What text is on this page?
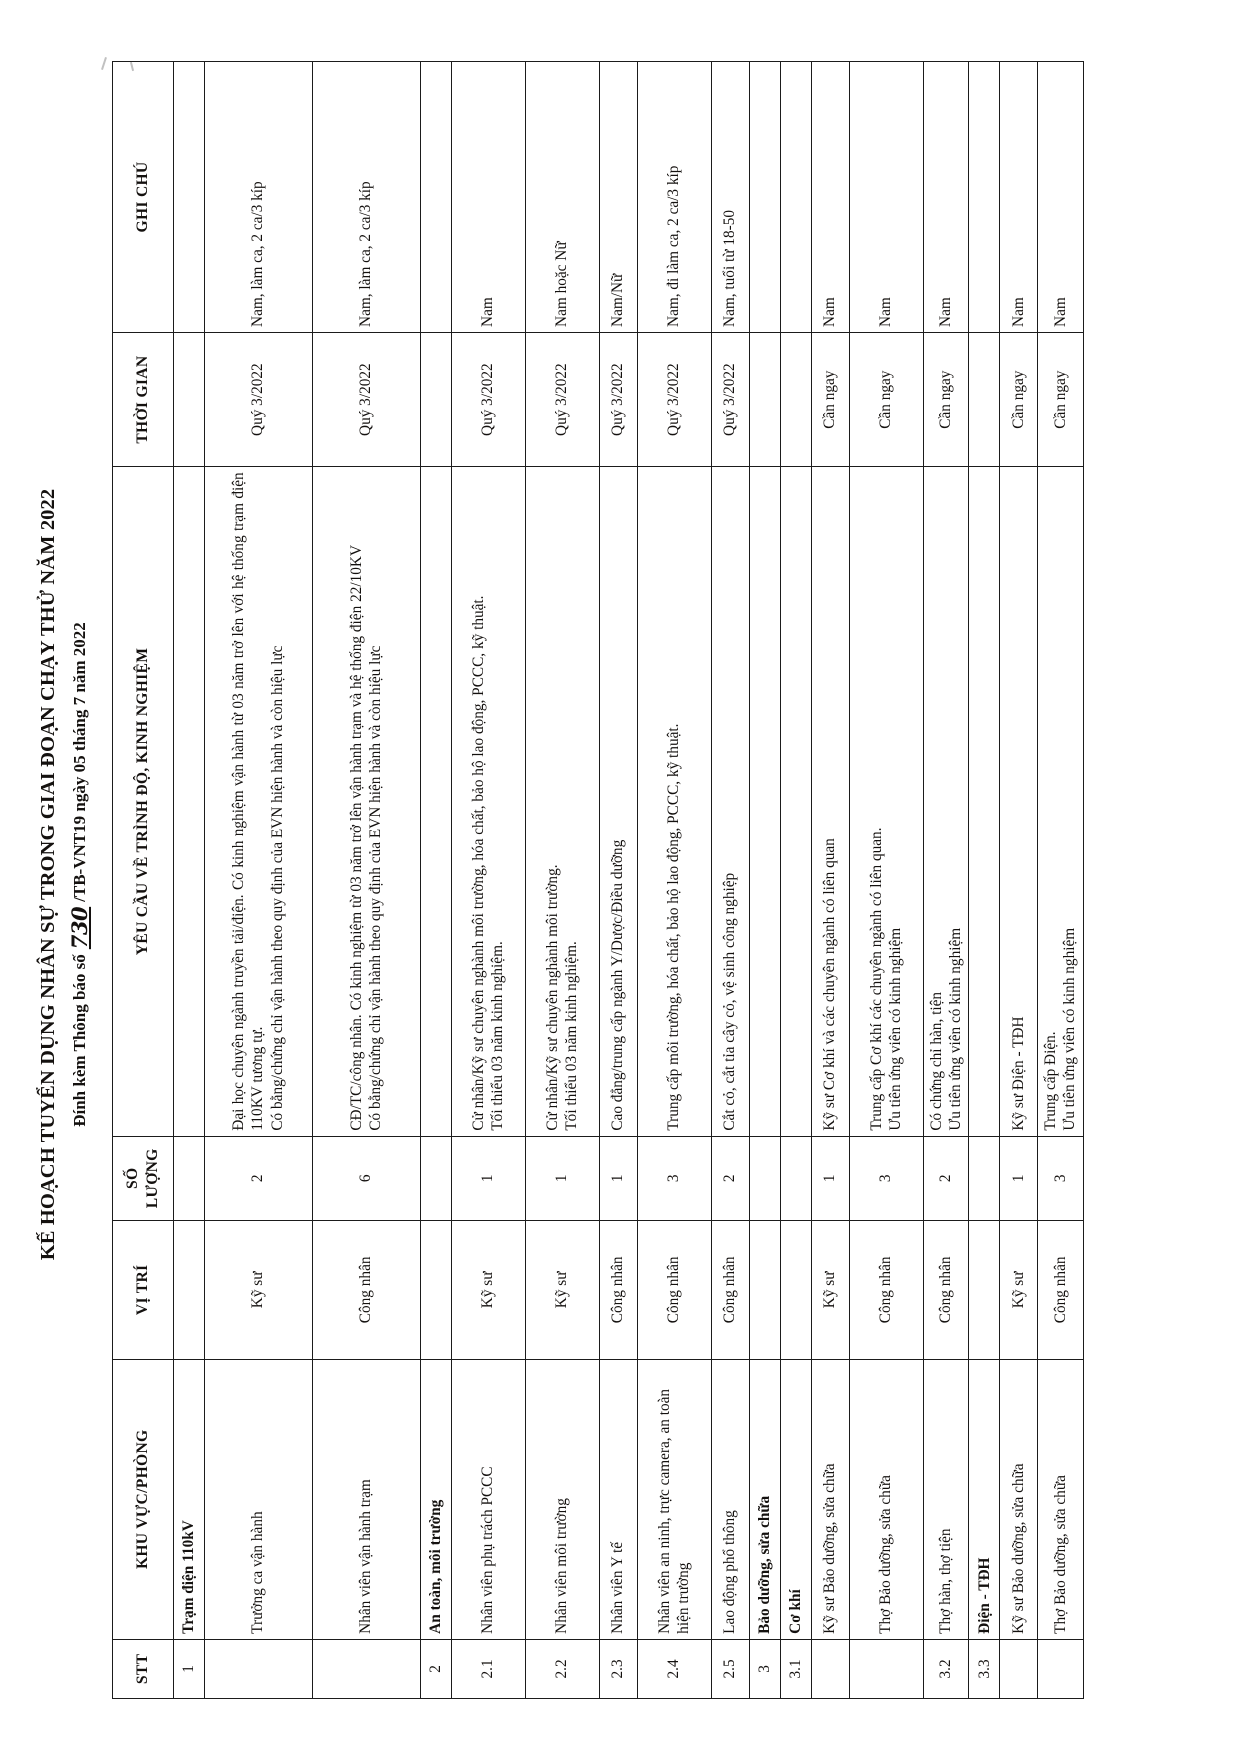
KẾ HOẠCH TUYỂN DỤNG NHÂN SỰ TRONG GIAI ĐOẠN CHẠY THỬ NĂM 2022 Đính kèm Thông báo số730/TB-VNT19 ngày 05 tháng 7 năm 2022
STT	KHU VỰC/PHÒNG	VỊ TRÍ	SỐ LƯỢNG	YÊU CẦU VỀ TRÌNH ĐỘ, KINH NGHIỆM	THỜI GIAN	GHI CHÚ
1	Trạm điện 110kV					
	Trưởng ca vận hành	Kỹ sư	2	Đại học chuyên ngành truyền tải/điện. Có kinh nghiệm vận hành từ 03 năm trở lên với hệ thống trạm điện 110KV tương tự. Có bằng/chứng chỉ vận hành theo quy định của EVN hiện hành và còn hiệu lực	Quý 3/2022	Nam, làm ca, 2 ca/3 kíp
	Nhân viên vận hành trạm	Công nhân	6	CĐ/TC/công nhân. Có kinh nghiệm từ 03 năm trở lên vận hành trạm và hệ thống điện 22/10KV Có bằng/chứng chỉ vận hành theo quy định của EVN hiện hành và còn hiệu lực	Quý 3/2022	Nam, làm ca, 2 ca/3 kíp
2	An toàn, môi trường					
2.1	Nhân viên phụ trách PCCC	Kỹ sư	1	Cử nhân/Kỹ sư chuyên nghành môi trường, hóa chất, bảo hộ lao động, PCCC, kỹ thuật. Tối thiểu 03 năm kinh nghiệm.	Quý 3/2022	Nam
2.2	Nhân viên môi trường	Kỹ sư	1	Cử nhân/Kỹ sư chuyên nghành môi trường. Tối thiểu 03 năm kinh nghiệm.	Quý 3/2022	Nam hoặc Nữ
2.3	Nhân viên Y tế	Công nhân	1	Cao đẳng/trung cấp ngành Y/Dược/Điều dưỡng	Quý 3/2022	Nam/Nữ
2.4	Nhân viên an ninh, trực camera, an toàn hiện trường	Công nhân	3	Trung cấp môi trường, hóa chất, bảo hộ lao động, PCCC, kỹ thuật.	Quý 3/2022	Nam, đi làm ca, 2 ca/3 kíp
2.5	Lao động phổ thông	Công nhân	2	Cắt cỏ, cắt tỉa cây cỏ, vệ sinh công nghiệp	Quý 3/2022	Nam, tuổi từ 18-50
3	Bảo dưỡng, sửa chữa					
3.1	Cơ khí					
	Kỹ sư Bảo dưỡng, sửa chữa	Kỹ sư	1	Kỹ sư Cơ khí và các chuyên ngành có liên quan	Cần ngay	Nam
	Thợ Bảo dưỡng, sửa chữa	Công nhân	3	Trung cấp Cơ khí các chuyên ngành có liên quan. Ưu tiên ứng viên có kinh nghiệm	Cần ngay	Nam
3.2	Thợ hàn, thợ tiện	Công nhân	2	Có chứng chỉ hàn, tiện Ưu tiên ứng viên có kinh nghiệm	Cần ngay	Nam
3.3	Điện - TĐH					
	Kỹ sư Bảo dưỡng, sửa chữa	Kỹ sư	1	Kỹ sư Điện - TĐH	Cần ngay	Nam
	Thợ Bảo dưỡng, sửa chữa	Công nhân	3	Trung cấp Điện. Ưu tiên ứng viên có kinh nghiệm	Cần ngay	Nam
